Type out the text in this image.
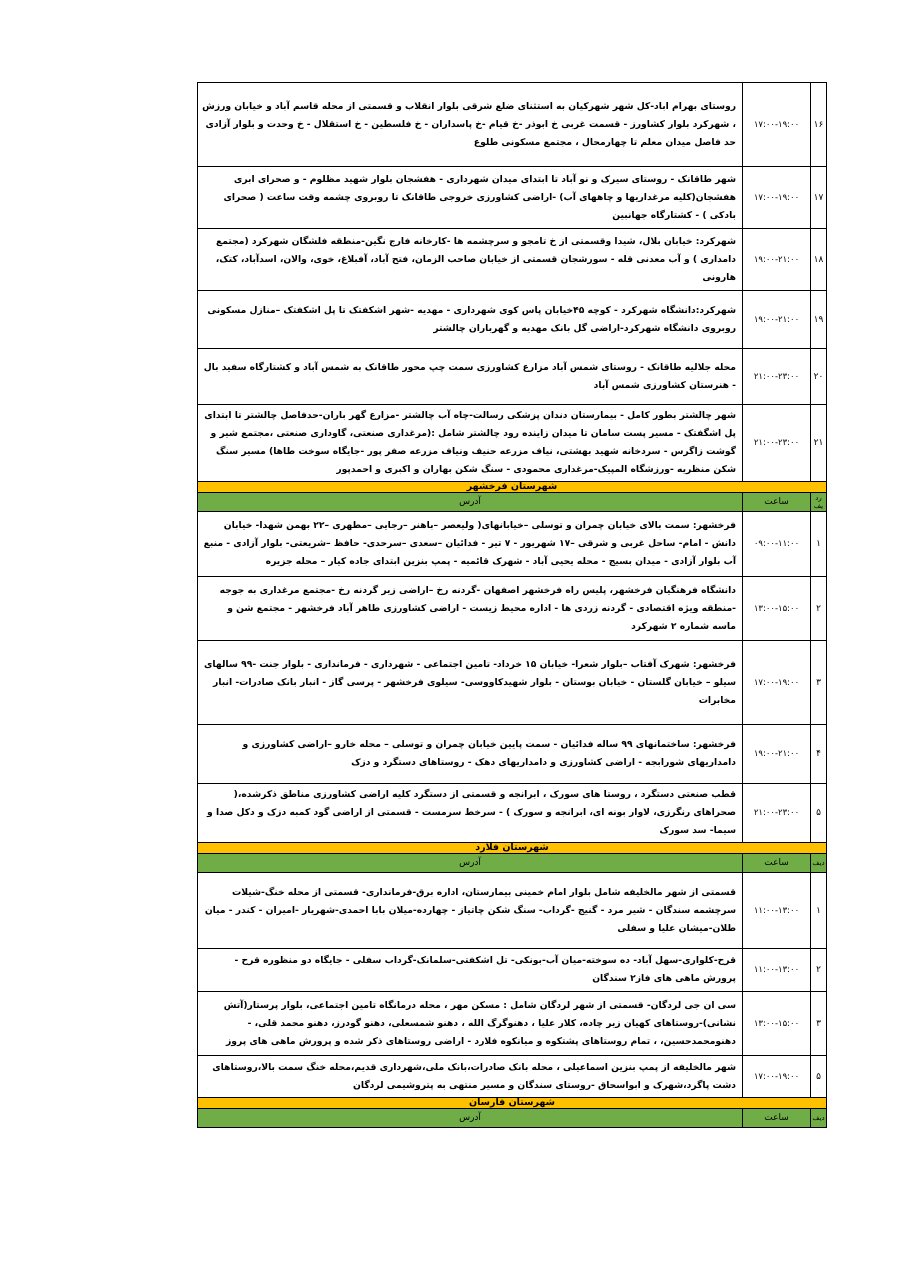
۱۶	۱۷:۰۰-۱۹:۰۰	روستای بهرام اباد-کل شهر شهرکیان به استثنای ضلع شرقی بلوار انقلاب و قسمتی از محله قاسم آباد و خیابان ورزش ، شهرکرد بلوار کشاورز - قسمت غربی خ ابوذر -خ قیام -خ پاسداران - خ فلسطین - خ استقلال - خ وحدت و بلوار آزادی حد فاصل میدان معلم تا چهارمحال ، مجتمع مسکونی طلوع
۱۷	۱۷:۰۰-۱۹:۰۰	شهر طاقانک - روستای سیرک و نو آباد تا ابتدای میدان شهرداری - هفشجان بلوار شهید مظلوم - و صحرای ابری هفشجان(کلیه مرغداریها و چاههای آب) -اراضی کشاورزی خروجی طاقانک تا روبروی چشمه وقت ساعت ( صحرای بادکی ) - کشتارگاه جهانبین
۱۸	۱۹:۰۰-۲۱:۰۰	شهرکرد: خیابان بلال، شیدا وقسمتی از خ تامجو و سرچشمه ها -کارخانه فارج نگین-منطقه فلشگان شهرکرد (مجتمع دامداری ) و آب معدنی قله - سورشجان قسمتی از خیابان صاحب الزمان، فتح آباد، آفبلاغ، خوی، والان، اسدآباد، کتک، هارونی
۱۹	۱۹:۰۰-۲۱:۰۰	شهرکرد:دانشگاه شهرکرد - کوچه ۴۵خیابان پاس کوی شهرداری - مهدیه -شهر اشکفتک تا پل اشکفتک –منازل مسکونی روبروی دانشگاه شهرکرد-اراضی گل بانک مهدیه و گهرباران چالشتر
۲۰	۲۱:۰۰-۲۳:۰۰	محله جلالیه طاقانک - روستای شمس آباد مزارع کشاورزی سمت چپ محور طاقانک به شمس آباد و کشتارگاه سفید بال - هنرستان کشاورزی شمس آباد
۲۱	۲۱:۰۰-۲۳:۰۰	شهر چالشتر بطور کامل - بیمارستان دندان پزشکی رسالت-چاه آب چالشتر -مزارع گهر باران-حدفاصل چالشتر تا ابتدای پل اشگفتک - مسیر پست سامان تا میدان زاینده رود چالشتر شامل :(مرغداری صنعتی، گاوداری صنعتی ،مجتمع شیر و گوشت زاگرس - سردخانه شهید بهشتی، نیاف مزرعه حنیف ونیاف مزرعه صفر پور -جایگاه سوخت طاها) مسیر سنگ شکن منظریه -ورزشگاه المپیک-مرغداری محمودی - سنگ شکن بهاران و اکبری و احمدپور
شهرستان فرخشهر		
رد یف	ساعت	آدرس
۱	۰۹:۰۰-۱۱:۰۰	فرخشهر: سمت بالای خیابان چمران و توسلی –خیابانهای( ولیعصر –باهنر –رجایی –مطهری –۲۲ بهمن شهدا- خیابان دانش - امام- ساحل غربی و شرقی –۱۷ شهریور - ۷ تیر - فدائیان –سعدی –سرحدی- حافظ –شریعتی- بلوار آزادی - منبع آب بلوار آزادی - میدان بسیج - محله یحیی آباد - شهرک قائمیه - پمپ بنزین ابتدای جاده کیار – محله جزیره
۲	۱۳:۰۰-۱۵:۰۰	دانشگاه فرهنگیان فرخشهر، پلیس راه فرخشهر اصفهان -گردنه رخ –اراضی زیر گردنه رخ -مجتمع مرغداری به جوجه -منطقه ویژه اقتصادی - گردنه زردی ها - اداره محیط زیست - اراضی کشاورزی طاهر آباد فرخشهر - مجتمع شن و ماسه شماره ۲ شهرکرد
۳	۱۷:۰۰-۱۹:۰۰	فرخشهر: شهرک آفتاب –بلوار شعرا- خیابان ۱۵ خرداد- تامین اجتماعی - شهرداری - فرمانداری - بلوار جنت -۹۹ سالهای سیلو – خیابان گلستان - خیابان بوستان - بلوار شهیدکاووسی- سیلوی فرخشهر - پرسی گاز - انبار بانک صادرات- انبار مخابرات
۴	۱۹:۰۰-۲۱:۰۰	فرخشهر: ساختمانهای ۹۹ ساله فدائیان - سمت پایین خیابان چمران و توسلی – محله خارو –اراضی کشاورزی و دامداریهای شورابجه - اراضی کشاورزی و دامداریهای دهک - روستاهای دستگرد و دزک
۵	۲۱:۰۰-۲۳:۰۰	قطب صنعتی دستگرد ، روستا های سورک ، ابرانجه و قسمتی از دستگرد کلیه اراضی کشاورزی مناطق ذکرشده،( صحراهای رنگرزی، لاوار بونه ای، ابرانجه و سورک ) - سرخط سرمست - قسمتی از اراضی گود کمبه دزک و دکل صدا و سیما- سد سورک
شهرستان فلارد		
دیف	ساعت	آدرس
۱	۱۱:۰۰-۱۳:۰۰	قسمتی از شهر مالخلیفه شامل بلوار امام خمینی بیمارستان، اداره برق-فرمانداری- قسمتی از محله خنگ-شیلات سرچشمه سندگان - شیر مرد - گنیج -گرداب- سنگ شکن چاتیاز - چهارده-میلان بابا احمدی-شهریار -امیران - کندر - میان طلان-میشان علیا و سفلی
۲	۱۱:۰۰-۱۳:۰۰	قرح-کلواری-سهل آباد- ده سوخته-میان آب-بونکی- تل اشکفتی-سلمانک-گرداب سفلی - جایگاه دو منظوره قرح - پرورش ماهی های فاز۲ سندگان
۳	۱۳:۰۰-۱۵:۰۰	سی ان جی لردگان- قسمتی از شهر لردگان شامل : مسکن مهر ، محله درمانگاه تامین اجتماعی، بلوار پرستار(آتش نشانی)-روستاهای کهیان زیر چاده، کلار علیا ، دهنوگرگ الله ، دهنو شمسعلی، دهنو گودرز، دهنو محمد قلی، - دهنومحمدحسین، ، تمام روستاهای پشتکوه و میانکوه فلارد - اراضی روستاهای ذکر شده و پرورش ماهی های پروز
۵	۱۷:۰۰-۱۹:۰۰	شهر مالخلیفه از پمپ بنزین اسماعیلی ، محله بانک صادرات،بانک ملی،شهرداری قدیم،محله خنگ سمت بالا،روستاهای دشت پاگرد،شهرک و ابواسحاق -روستای سندگان و مسیر منتهی به پتروشیمی لردگان
شهرستان فارسان		
دیف	ساعت	آدرس
